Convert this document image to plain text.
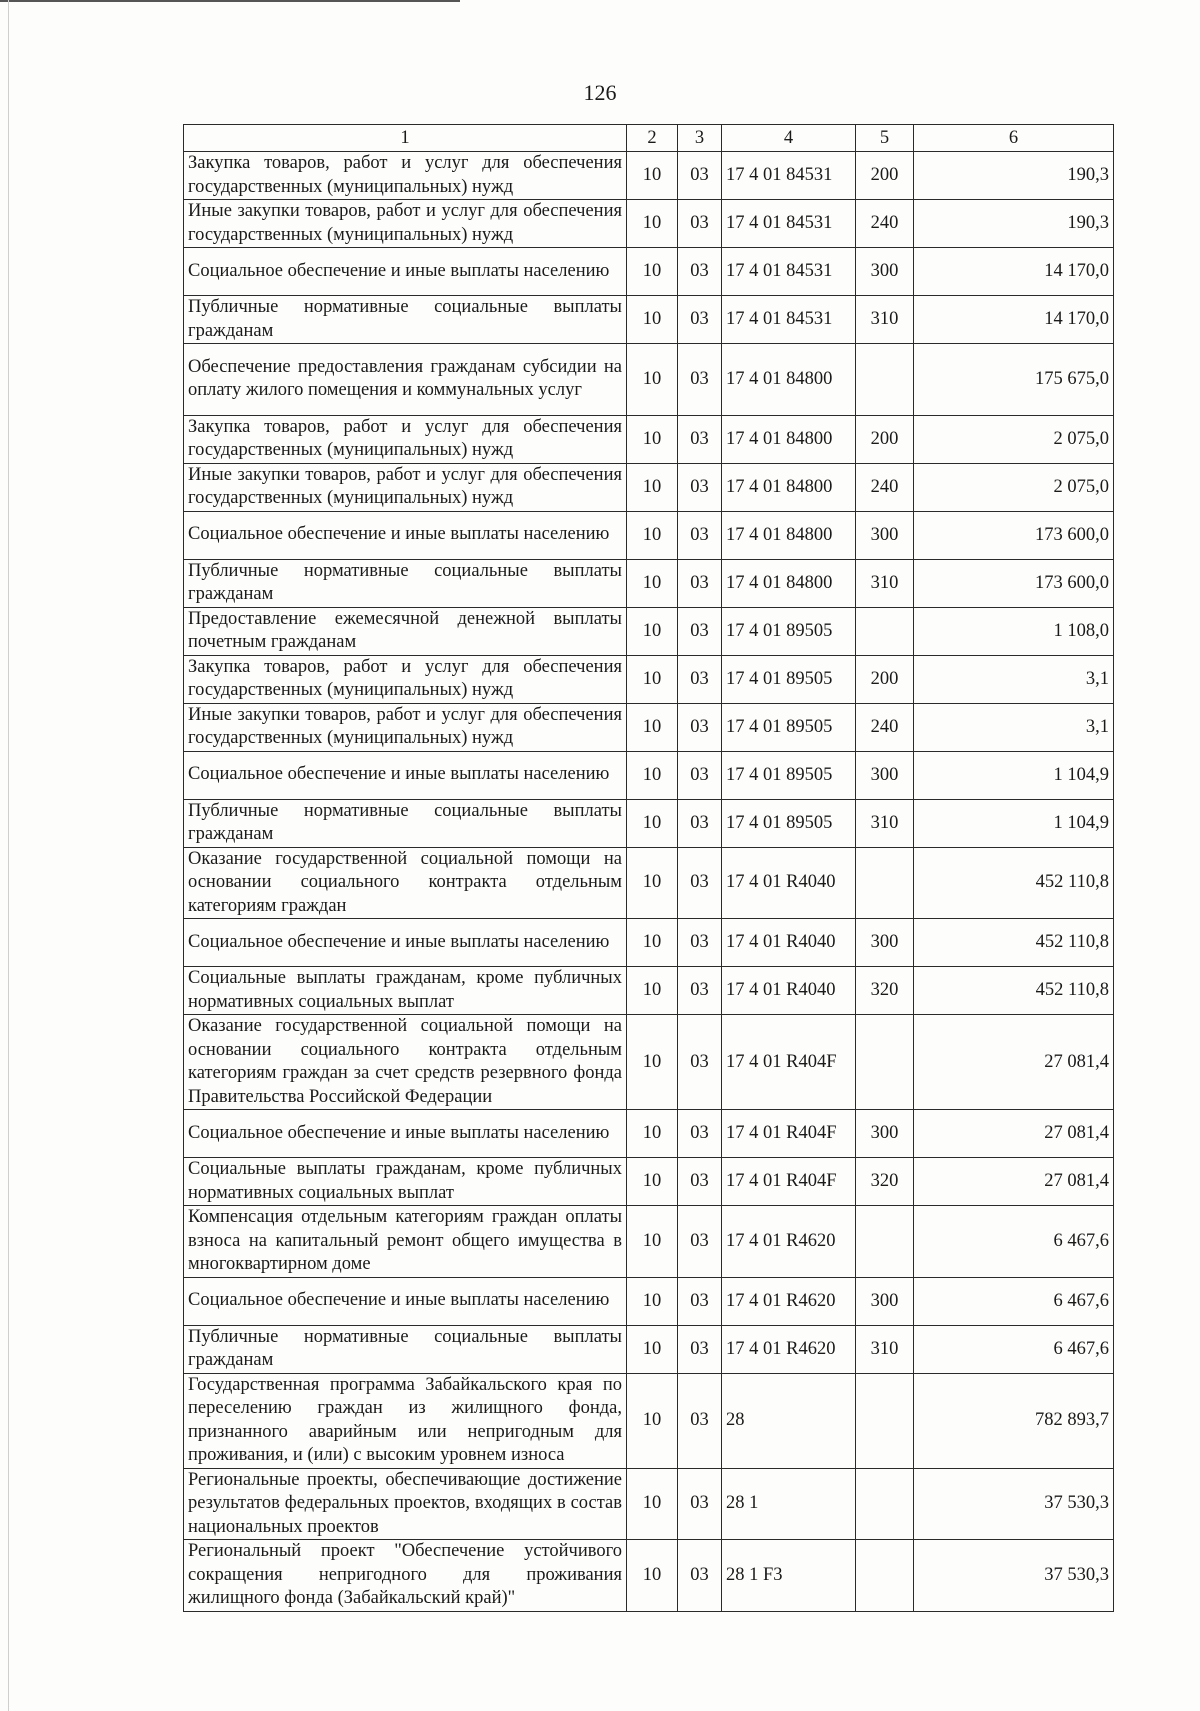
126
1	2	3	4	5	6
Закупка товаров, работ и услуг для обеспечения государственных (муниципальных) нужд	10	03	17 4 01 84531	200	190,3
Иные закупки товаров, работ и услуг для обеспечения государственных (муниципальных) нужд	10	03	17 4 01 84531	240	190,3
Социальное обеспечение и иные выплаты населению	10	03	17 4 01 84531	300	14 170,0
Публичные нормативные социальные выплаты гражданам	10	03	17 4 01 84531	310	14 170,0
Обеспечение предоставления гражданам субсидии на оплату жилого помещения и коммунальных услуг	10	03	17 4 01 84800		175 675,0
Закупка товаров, работ и услуг для обеспечения государственных (муниципальных) нужд	10	03	17 4 01 84800	200	2 075,0
Иные закупки товаров, работ и услуг для обеспечения государственных (муниципальных) нужд	10	03	17 4 01 84800	240	2 075,0
Социальное обеспечение и иные выплаты населению	10	03	17 4 01 84800	300	173 600,0
Публичные нормативные социальные выплаты гражданам	10	03	17 4 01 84800	310	173 600,0
Предоставление ежемесячной денежной выплаты почетным гражданам	10	03	17 4 01 89505		1 108,0
Закупка товаров, работ и услуг для обеспечения государственных (муниципальных) нужд	10	03	17 4 01 89505	200	3,1
Иные закупки товаров, работ и услуг для обеспечения государственных (муниципальных) нужд	10	03	17 4 01 89505	240	3,1
Социальное обеспечение и иные выплаты населению	10	03	17 4 01 89505	300	1 104,9
Публичные нормативные социальные выплаты гражданам	10	03	17 4 01 89505	310	1 104,9
Оказание государственной социальной помощи на основании социального контракта отдельным категориям граждан	10	03	17 4 01 R4040		452 110,8
Социальное обеспечение и иные выплаты населению	10	03	17 4 01 R4040	300	452 110,8
Социальные выплаты гражданам, кроме публичных нормативных социальных выплат	10	03	17 4 01 R4040	320	452 110,8
Оказание государственной социальной помощи на основании социального контракта отдельным категориям граждан за счет средств резервного фонда Правительства Российской Федерации	10	03	17 4 01 R404F		27 081,4
Социальное обеспечение и иные выплаты населению	10	03	17 4 01 R404F	300	27 081,4
Социальные выплаты гражданам, кроме публичных нормативных социальных выплат	10	03	17 4 01 R404F	320	27 081,4
Компенсация отдельным категориям граждан оплаты взноса на капитальный ремонт общего имущества в многоквартирном доме	10	03	17 4 01 R4620		6 467,6
Социальное обеспечение и иные выплаты населению	10	03	17 4 01 R4620	300	6 467,6
Публичные нормативные социальные выплаты гражданам	10	03	17 4 01 R4620	310	6 467,6
Государственная программа Забайкальского края по переселению граждан из жилищного фонда, признанного аварийным или непригодным для проживания, и (или) с высоким уровнем износа	10	03	28		782 893,7
Региональные проекты, обеспечивающие достижение результатов федеральных проектов, входящих в состав национальных проектов	10	03	28 1		37 530,3
Региональный проект "Обеспечение устойчивого сокращения непригодного для проживания жилищного фонда (Забайкальский край)"	10	03	28 1 F3		37 530,3
